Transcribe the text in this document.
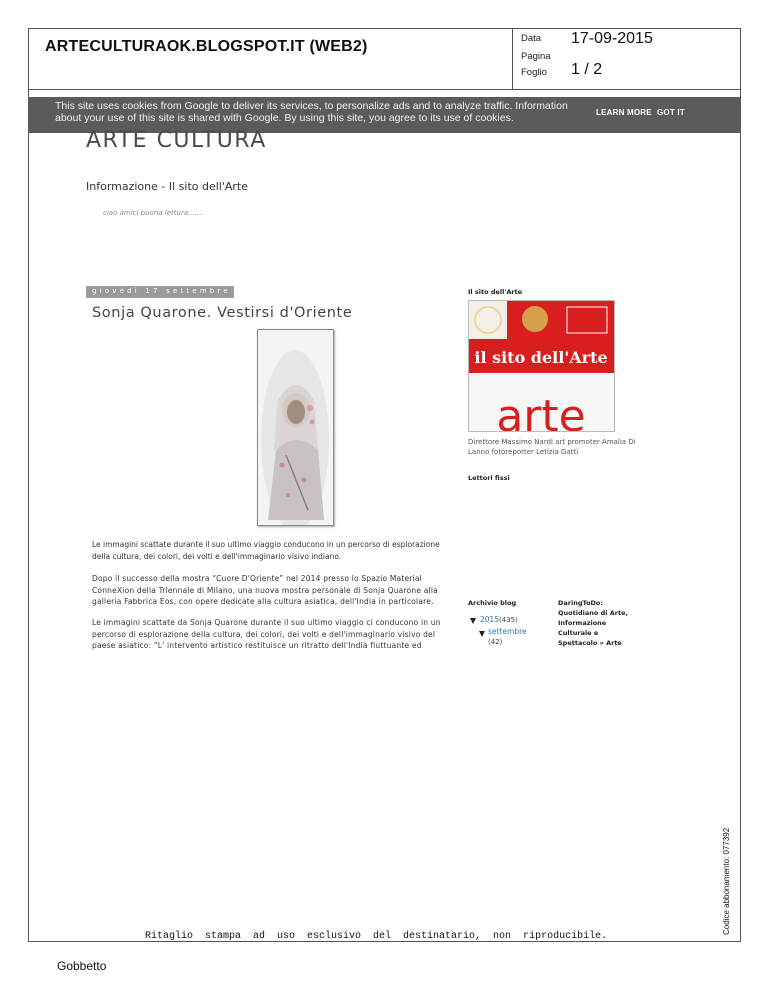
ARTECULTURAOK.BLOGSPOT.IT (WEB2)	Data 17-09-2015
Pagina
Foglio 1 / 2
This site uses cookies from Google to deliver its services, to personalize ads and to analyze traffic. Information about your use of this site is shared with Google. By using this site, you agree to its use of cookies.	LEARN MORE GOT IT
ARTE CULTURA
Informazione - Il sito dell'Arte
ciao amici buona lettura.......
giovedì 17 settembre 2015
Sonja Quarone. Vestirsi d'Oriente
Le immagini scattate durante il suo ultimo viaggio conducono in un percorso di esplorazione della cultura, dei colori, dei volti e dell'immaginario visivo indiano.
Dopo il successo della mostra “Cuore D'Oriente” nel 2014 presso lo Spazio Material ConneXion della Triennale di Milano, una nuova mostra personale di Sonja Quarone alla galleria Fabbrica Eos, con opere dedicate alla cultura asiatica, dell'India in particolare.
Le immagini scattate da Sonja Quarone durante il suo ultimo viaggio ci conducono in un percorso di esplorazione della cultura, dei colori, dei volti e dell'immaginario visivo del paese asiatico: “L' intervento artistico restituisce un ritratto dell'India fluttuante ed
Il sito dell'Arte
arte
il sito dell'Arte
Direttore Massimo Nardi art promoter Amalia Di Lanno fotoreporter Letizia Gatti
Lettori fissi
Archivio blog
2015 (435)
settembre
(42)
DaringToDo: Quotidiano di Arte, Informazione Culturale e Spettacolo » Arte
Codice abbonamento: 077392
Ritaglio  stampa  ad  uso  esclusivo  del  destinatario,  non  riproducibile.
Gobbetto
